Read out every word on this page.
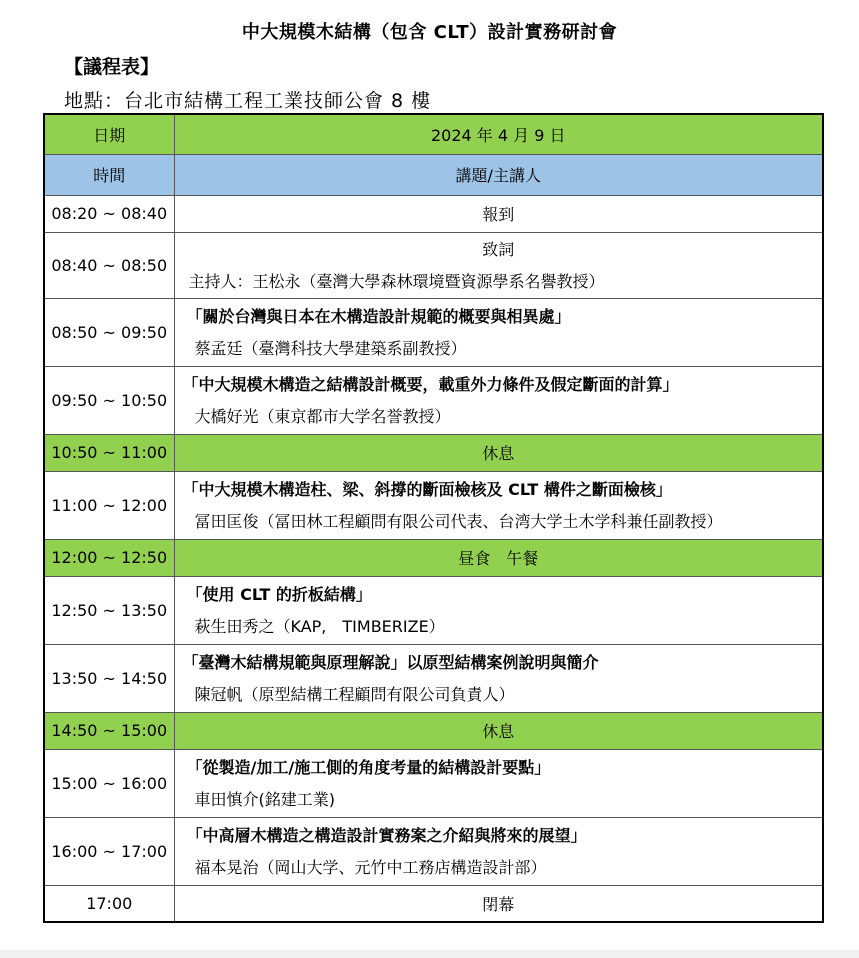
中大規模木結構（包含 CLT）設計實務研討會
【議程表】
地點：台北市結構工程工業技師公會 8 樓
日期	2024 年 4 月 9 日
時間	講題/主講人
08:20 ~ 08:40	報到
08:40 ~ 08:50	致詞
主持人：王松永（臺灣大學森林環境暨資源學系名譽教授）

08:50 ~ 09:50	「關於台灣與日本在木構造設計規範的概要與相異處」
蔡孟廷（臺灣科技大學建築系副教授）

09:50 ~ 10:50	「中大規模木構造之結構設計概要，載重外力條件及假定斷面的計算」
大橋好光（東京都市大学名誉教授）

10:50 ~ 11:00	休息
11:00 ~ 12:00	「中大規模木構造柱、梁、斜撐的斷面檢核及 CLT 構件之斷面檢核」
冨田匡俊（冨田林工程顧問有限公司代表、台湾大学土木学科兼任副教授）

12:00 ~ 12:50	昼食　午餐
12:50 ~ 13:50	「使用 CLT 的折板結構」
萩生田秀之（KAP,　TIMBERIZE）

13:50 ~ 14:50	「臺灣木結構規範與原理解說」以原型結構案例說明與簡介
陳冠帆（原型結構工程顧問有限公司負責人）

14:50 ~ 15:00	休息
15:00 ~ 16:00	「從製造/加工/施工側的角度考量的結構設計要點」
車田慎介(銘建工業)

16:00 ~ 17:00	「中高層木構造之構造設計實務案之介紹與將來的展望」
福本晃治（岡山大学、元竹中工務店構造設計部）

17:00	閉幕
